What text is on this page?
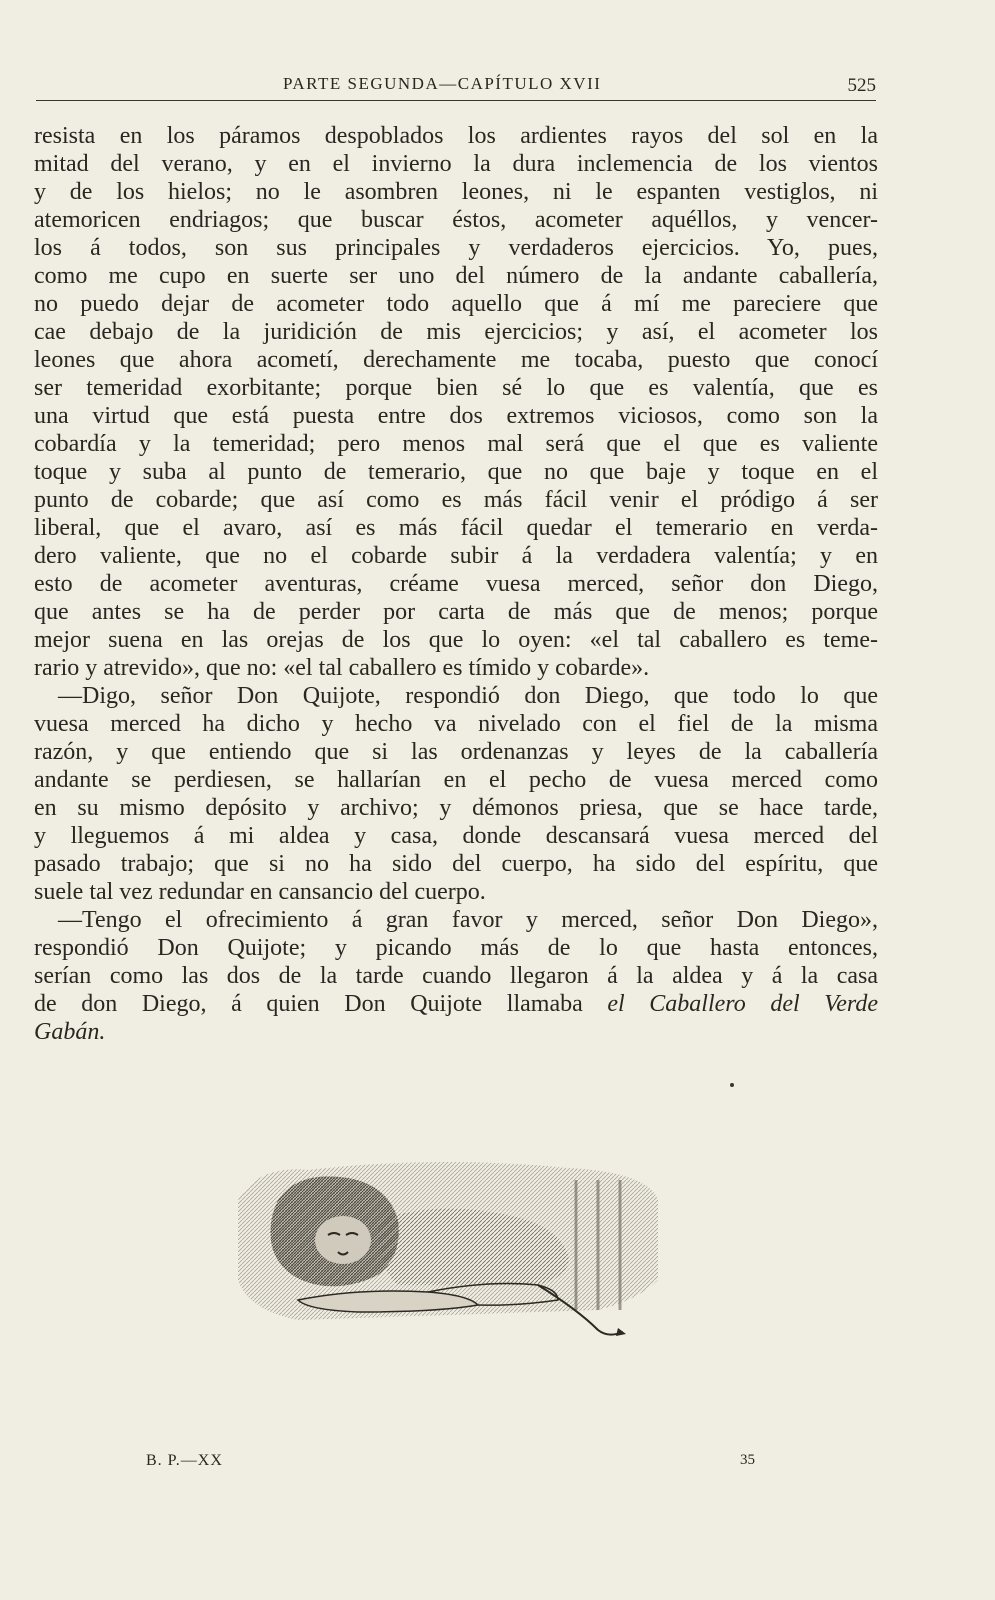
PARTE SEGUNDA—CAPÍTULO XVII	525
resista en los páramos despoblados los ardientes rayos del sol en la
mitad del verano, y en el invierno la dura inclemencia de los vientos
y de los hielos; no le asombren leones, ni le espanten vestiglos, ni
atemoricen endriagos; que buscar éstos, acometer aquéllos, y vencer-
los á todos, son sus principales y verdaderos ejercicios. Yo, pues,
como me cupo en suerte ser uno del número de la andante caballería,
no puedo dejar de acometer todo aquello que á mí me pareciere que
cae debajo de la juridición de mis ejercicios; y así, el acometer los
leones que ahora acometí, derechamente me tocaba, puesto que conocí
ser temeridad exorbitante; porque bien sé lo que es valentía, que es
una virtud que está puesta entre dos extremos viciosos, como son la
cobardía y la temeridad; pero menos mal será que el que es valiente
toque y suba al punto de temerario, que no que baje y toque en el
punto de cobarde; que así como es más fácil venir el pródigo á ser
liberal, que el avaro, así es más fácil quedar el temerario en verda-
dero valiente, que no el cobarde subir á la verdadera valentía; y en
esto de acometer aventuras, créame vuesa merced, señor don Diego,
que antes se ha de perder por carta de más que de menos; porque
mejor suena en las orejas de los que lo oyen: «el tal caballero es teme-
rario y atrevido», que no: «el tal caballero es tímido y cobarde».
—Digo, señor Don Quijote, respondió don Diego, que todo lo que
vuesa merced ha dicho y hecho va nivelado con el fiel de la misma
razón, y que entiendo que si las ordenanzas y leyes de la caballería
andante se perdiesen, se hallarían en el pecho de vuesa merced como
en su mismo depósito y archivo; y démonos priesa, que se hace tarde,
y lleguemos á mi aldea y casa, donde descansará vuesa merced del
pasado trabajo; que si no ha sido del cuerpo, ha sido del espíritu, que
suele tal vez redundar en cansancio del cuerpo.
—Tengo el ofrecimiento á gran favor y merced, señor Don Diego»,
respondió Don Quijote; y picando más de lo que hasta entonces,
serían como las dos de la tarde cuando llegaron á la aldea y á la casa
de don Diego, á quien Don Quijote llamaba el Caballero del Verde
Gabán.
B. P.—XX	35
